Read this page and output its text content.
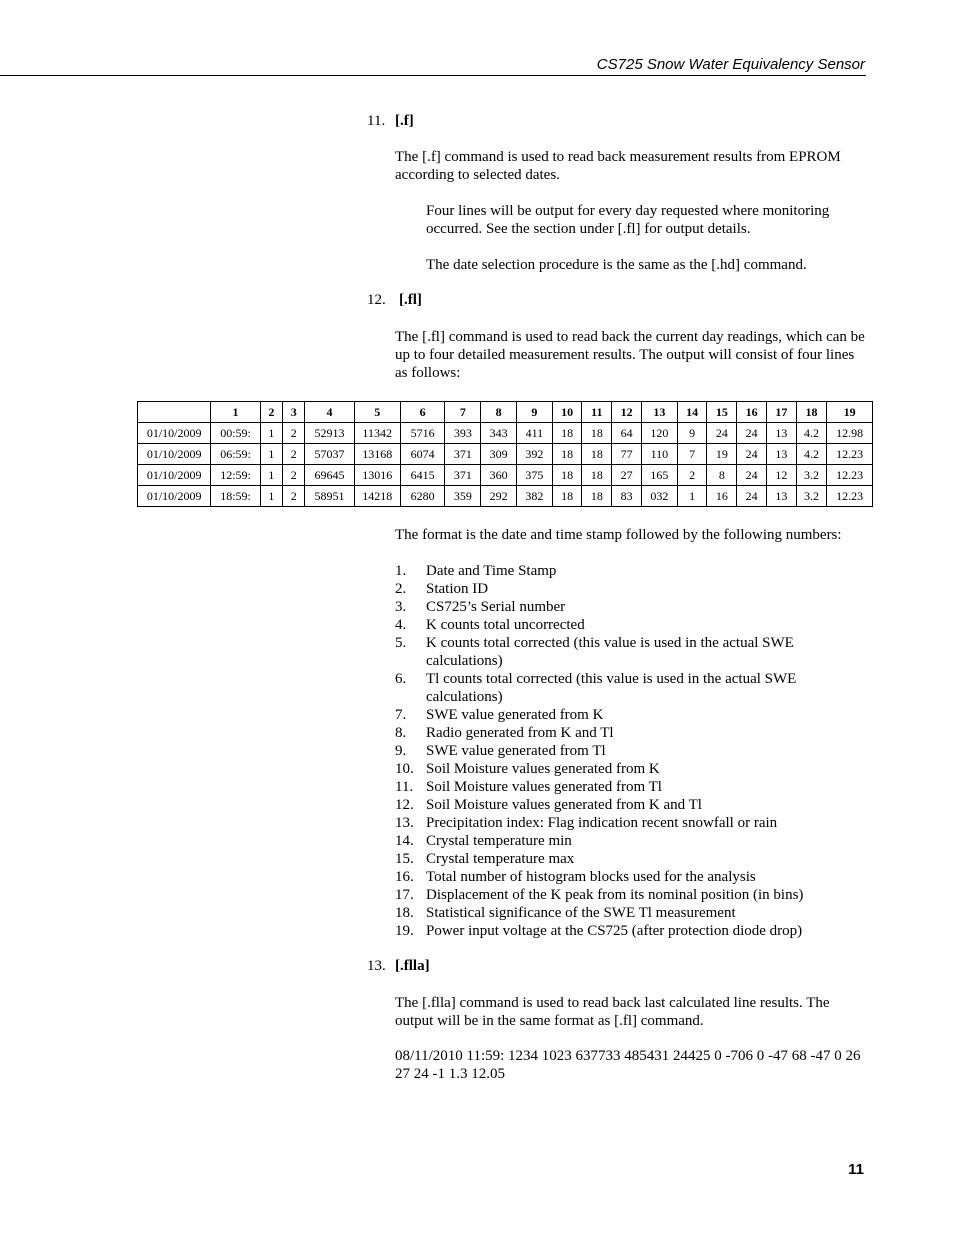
CS725 Snow Water Equivalency Sensor
11. [.f]

The [.f] command is used to read back measurement results from EPROM according to selected dates.

Four lines will be output for every day requested where monitoring occurred. See the section under [.fl] for output details.

The date selection procedure is the same as the [.hd] command.

12. [.fl]

The [.fl] command is used to read back the current day readings, which can be up to four detailed measurement results. The output will consist of four lines as follows:

	1	2	3	4	5	6	7	8	9	10	11	12	13	14	15	16	17	18	19
01/10/2009	00:59:	1	2	52913	11342	5716	393	343	411	18	18	64	120	9	24	24	13	4.2	12.98
01/10/2009	06:59:	1	2	57037	13168	6074	371	309	392	18	18	77	110	7	19	24	13	4.2	12.23
01/10/2009	12:59:	1	2	69645	13016	6415	371	360	375	18	18	27	165	2	8	24	12	3.2	12.23
01/10/2009	18:59:	1	2	58951	14218	6280	359	292	382	18	18	83	032	1	16	24	13	3.2	12.23

The format is the date and time stamp followed by the following numbers:

1. Date and Time Stamp
2. Station ID
3. CS725’s Serial number
4. K counts total uncorrected
5. K counts total corrected (this value is used in the actual SWE calculations)
6. Tl counts total corrected (this value is used in the actual SWE calculations)
7. SWE value generated from K
8. Radio generated from K and Tl
9. SWE value generated from Tl
10. Soil Moisture values generated from K
11. Soil Moisture values generated from Tl
12. Soil Moisture values generated from K and Tl
13. Precipitation index: Flag indication recent snowfall or rain
14. Crystal temperature min
15. Crystal temperature max
16. Total number of histogram blocks used for the analysis
17. Displacement of the K peak from its nominal position (in bins)
18. Statistical significance of the SWE Tl measurement
19. Power input voltage at the CS725 (after protection diode drop)
13. [.flla]

The [.flla] command is used to read back last calculated line results. The output will be in the same format as [.fl] command.

08/11/2010 11:59: 1234 1023 637733 485431 24425 0 -706 0 -47 68 -47 0 26 27 24 -1 1.3 12.05

11
